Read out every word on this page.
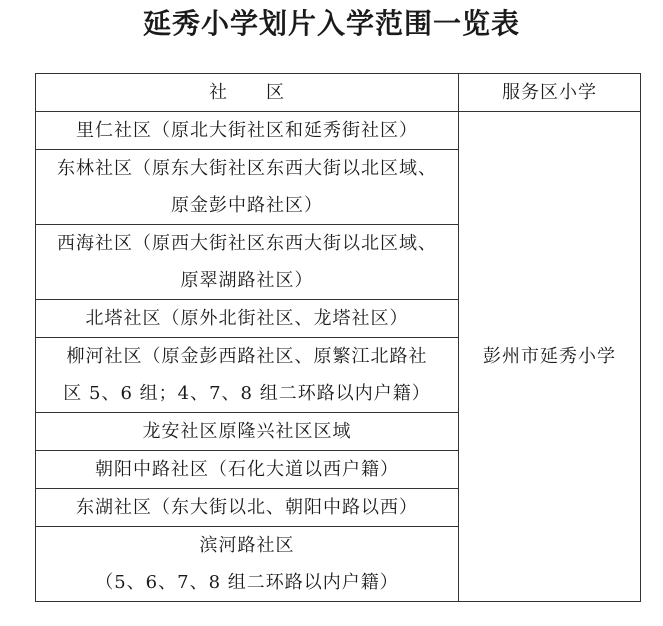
延秀小学划片入学范围一览表
社　　区	服务区小学

里仁社区（原北大街社区和延秀街社区）	彭州市延秀小学

东林社区（原东大街社区东西大街以北区域、
原金彭中路社区）	

西海社区（原西大街社区东西大街以北区域、
原翠湖路社区）	

北塔社区（原外北街社区、龙塔社区）	

柳河社区（原金彭西路社区、原繁江北路社
区 5、6 组；4、7、8 组二环路以内户籍）	

龙安社区原隆兴社区区域	

朝阳中路社区（石化大道以西户籍）	

东湖社区（东大街以北、朝阳中路以西）	

滨河路社区
（5、6、7、8 组二环路以内户籍）	
